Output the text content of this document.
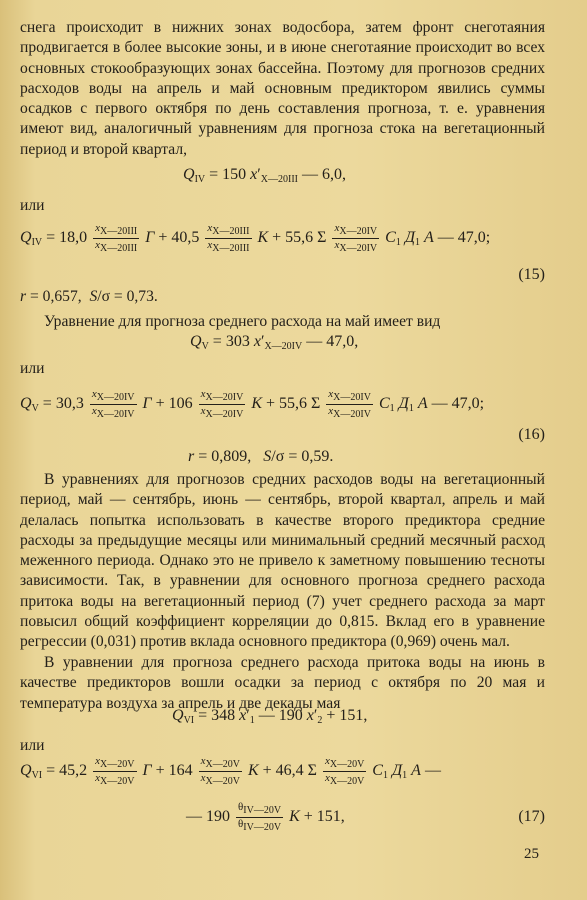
снега происходит в нижних зонах водосбора, затем фронт снеготаяния продвигается в более высокие зоны, и в июне снеготаяние происходит во всех основных стокообразующих зонах бассейна. Поэтому для прогнозов средних расходов воды на апрель и май основным предиктором явились суммы осадков с первого октября по день составления прогноза, т. е. уравнения имеют вид, аналогичный уравнениям для прогноза стока на вегетационный период и второй квартал,

$Q_{IV} = 150$ $x'_{X—20III}$ — 6,0,
или
$Q_{IV} = 18,0 \frac{x_{X—20III}}{x_{X—20III}}$ $Г + 40,5 \frac{x_{X—20III}}{x_{X—20III}}$ К + 55,6 Σ $\frac{x_{X—20IV}}{x_{X—20IV}} С_1$ $Д_1$ А — 47,0;
(15)
r = 0,657,  S/σ = 0,73.
Уравнение для прогноза среднего расхода на май имеет вид
$Q_V = 303$ $x'_{X—20IV}$ — 47,0,
или
$Q_V = 30,3 \frac{x_{X—20IV}}{x_{X—20IV}}$ $Г + 106 \frac{x_{X—20IV}}{x_{X—20IV}}$ К + 55,6 Σ $\frac{x_{X—20IV}}{x_{X—20IV}} С_1$ $Д_1$ А — 47,0;
(16)
r = 0,809,   S/σ = 0,59.

В уравнениях для прогнозов средних расходов воды на вегетационный период, май — сентябрь, июнь — сентябрь, второй квартал, апрель и май делалась попытка использовать в качестве второго предиктора средние расходы за предыдущие месяцы или минимальный средний месячный расход меженного периода. Однако это не привело к заметному повышению тесноты зависимости. Так, в уравнении для основного прогноза среднего расхода притока воды на вегетационный период (7) учет среднего расхода за март повысил общий коэффициент корреляции до 0,815. Вклад его в уравнение регрессии (0,031) против вклада основного предиктора (0,969) очень мал.

В уравнении для прогноза среднего расхода притока воды на июнь в качестве предикторов вошли осадки за период с октября по 20 мая и температура воздуха за апрель и две декады мая

$Q_{VI} = 348$ $x'_1$ — 190 $x'_2 + 151$,
или
$Q_{VI} = 45,2 \frac{x_{X—20V}}{x_{X—20V}}$ $Г + 164 \frac{x_{X—20V}}{x_{X—20V}}$ К + 46,4 Σ $\frac{x_{X—20V}}{x_{X—20V}} С_1$ $Д_1$ А —
— $190 \frac{\theta_{IV—20V}}{\theta_{IV—20V}}$ К + 151,	(17)
25
